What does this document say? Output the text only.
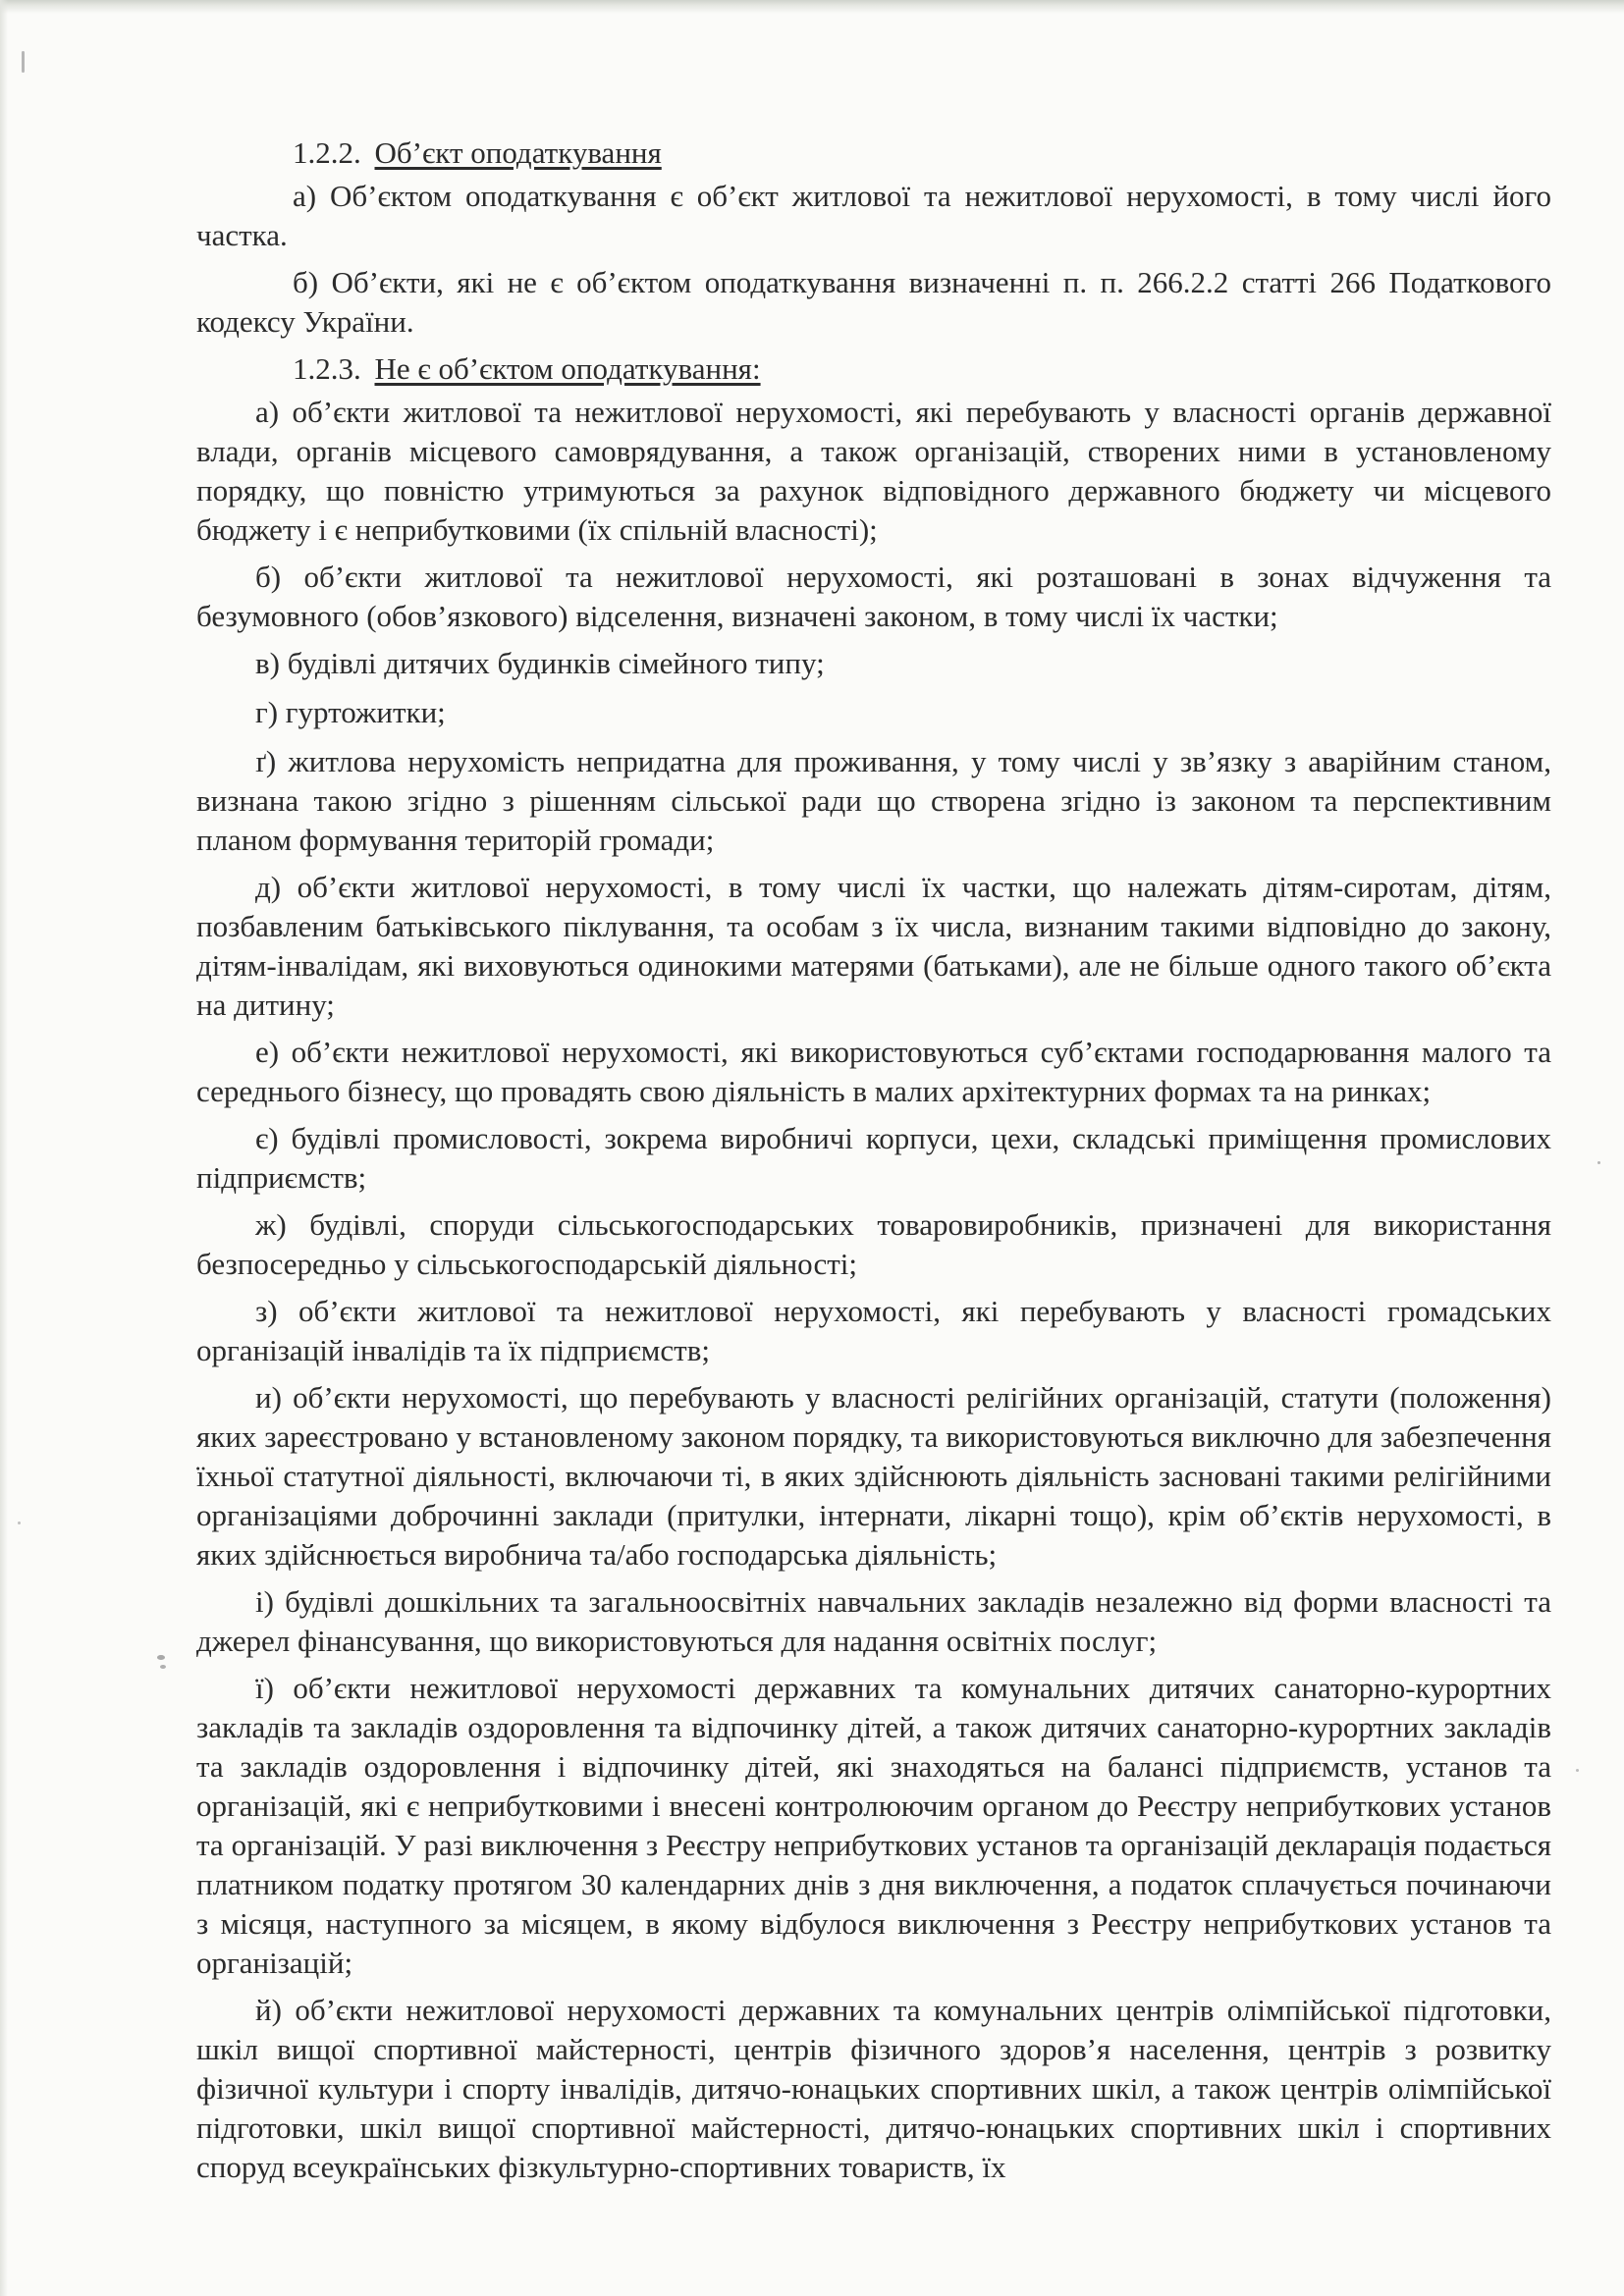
1.2.2. Об’єкт оподаткування

а) Об’єктом оподаткування є об’єкт житлової та нежитлової нерухомості, в тому числі його частка.

б) Об’єкти, які не є об’єктом оподаткування визначенні п. п. 266.2.2 статті 266 Податкового кодексу України.

1.2.3. Не є об’єктом оподаткування:

а) об’єкти житлової та нежитлової нерухомості, які перебувають у власності органів державної влади, органів місцевого самоврядування, а також організацій, створених ними в установленому порядку, що повністю утримуються за рахунок відповідного державного бюджету чи місцевого бюджету і є неприбутковими (їх спільній власності);

б) об’єкти житлової та нежитлової нерухомості, які розташовані в зонах відчуження та безумовного (обов’язкового) відселення, визначені законом, в тому числі їх частки;

в) будівлі дитячих будинків сімейного типу;

г) гуртожитки;

ґ) житлова нерухомість непридатна для проживання, у тому числі у зв’язку з аварійним станом, визнана такою згідно з рішенням сільської ради що створена згідно із законом та перспективним планом формування територій громади;

д) об’єкти житлової нерухомості, в тому числі їх частки, що належать дітям-сиротам, дітям, позбавленим батьківського піклування, та особам з їх числа, визнаним такими відповідно до закону, дітям-інвалідам, які виховуються одинокими матерями (батьками), але не більше одного такого об’єкта на дитину;

е) об’єкти нежитлової нерухомості, які використовуються суб’єктами господарювання малого та середнього бізнесу, що провадять свою діяльність в малих архітектурних формах та на ринках;

є) будівлі промисловості, зокрема виробничі корпуси, цехи, складські приміщення промислових підприємств;

ж) будівлі, споруди сільськогосподарських товаровиробників, призначені для використання безпосередньо у сільськогосподарській діяльності;

з) об’єкти житлової та нежитлової нерухомості, які перебувають у власності громадських організацій інвалідів та їх підприємств;

и) об’єкти нерухомості, що перебувають у власності релігійних організацій, статути (положення) яких зареєстровано у встановленому законом порядку, та використовуються виключно для забезпечення їхньої статутної діяльності, включаючи ті, в яких здійснюють діяльність засновані такими релігійними організаціями доброчинні заклади (притулки, інтернати, лікарні тощо), крім об’єктів нерухомості, в яких здійснюється виробнича та/або господарська діяльність;

і) будівлі дошкільних та загальноосвітніх навчальних закладів незалежно від форми власності та джерел фінансування, що використовуються для надання освітніх послуг;

ї) об’єкти нежитлової нерухомості державних та комунальних дитячих санаторно-курортних закладів та закладів оздоровлення та відпочинку дітей, а також дитячих санаторно-курортних закладів та закладів оздоровлення і відпочинку дітей, які знаходяться на балансі підприємств, установ та організацій, які є неприбутковими і внесені контролюючим органом до Реєстру неприбуткових установ та організацій. У разі виключення з Реєстру неприбуткових установ та організацій декларація подається платником податку протягом 30 календарних днів з дня виключення, а податок сплачується починаючи з місяця, наступного за місяцем, в якому відбулося виключення з Реєстру неприбуткових установ та організацій;

й) об’єкти нежитлової нерухомості державних та комунальних центрів олімпійської підготовки, шкіл вищої спортивної майстерності, центрів фізичного здоров’я населення, центрів з розвитку фізичної культури і спорту інвалідів, дитячо-юнацьких спортивних шкіл, а також центрів олімпійської підготовки, шкіл вищої спортивної майстерності, дитячо-юнацьких спортивних шкіл і спортивних споруд всеукраїнських фізкультурно-спортивних товариств, їх
